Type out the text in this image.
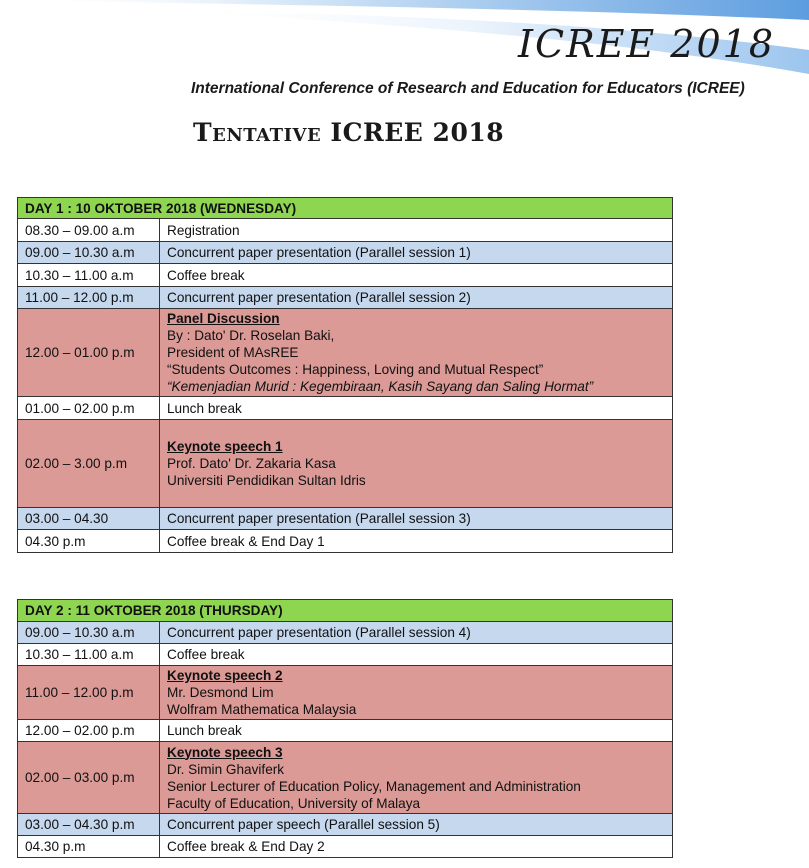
ICREE 2018
International Conference of Research and Education for Educators (ICREE)
Tentative ICREE 2018
DAY 1 : 10 OKTOBER 2018 (WEDNESDAY)	
08.30 – 09.00 a.m	Registration
09.00 – 10.30 a.m	Concurrent paper presentation (Parallel session 1)
10.30 – 11.00 a.m	Coffee break
11.00 – 12.00 p.m	Concurrent paper presentation (Parallel session 2)
12.00 – 01.00 p.m	Panel Discussion
By : Dato' Dr. Roselan Baki,
President of MAsREE
“Students Outcomes : Happiness, Loving and Mutual Respect”
“Kemenjadian Murid : Kegembiraan, Kasih Sayang dan Saling Hormat”

01.00 – 02.00 p.m	Lunch break
02.00 – 3.00 p.m	Keynote speech 1
Prof. Dato' Dr. Zakaria Kasa
Universiti Pendidikan Sultan Idris

03.00 – 04.30	Concurrent paper presentation (Parallel session 3)
04.30 p.m	Coffee break & End Day 1
DAY 2 : 11 OKTOBER 2018 (THURSDAY)	
09.00 – 10.30 a.m	Concurrent paper presentation (Parallel session 4)
10.30 – 11.00 a.m	Coffee break
11.00 – 12.00 p.m	Keynote speech 2
Mr. Desmond Lim
Wolfram Mathematica Malaysia

12.00 – 02.00 p.m	Lunch break
02.00 – 03.00 p.m	Keynote speech 3
Dr. Simin Ghaviferk
Senior Lecturer of Education Policy, Management and Administration
Faculty of Education, University of Malaya

03.00 – 04.30 p.m	Concurrent paper speech (Parallel session 5)
04.30 p.m	Coffee break & End Day 2
